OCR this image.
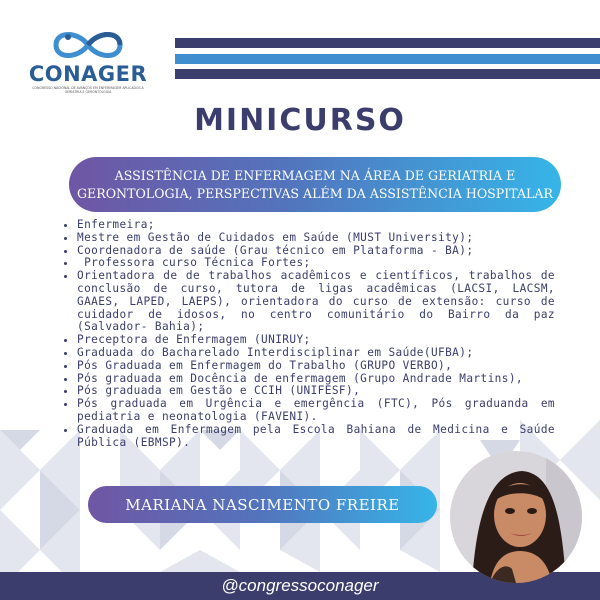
CONAGER
CONGRESSO NACIONAL DE AVANÇOS EM ENFERMAGEM APLICADOS À GERIATRIA E GERONTOLOGIA
MINICURSO
ASSISTÊNCIA DE ENFERMAGEM NA ÁREA DE GERIATRIA E
GERONTOLOGIA, PERSPECTIVAS ALÉM DA ASSISTÊNCIA HOSPITALAR
• Enfermeira;
• Mestre em Gestão de Cuidados em Saúde (MUST University);
• Coordenadora de saúde (Grau técnico em Plataforma - BA);
•  Professora curso Técnica Fortes;
• Orientadora de de trabalhos acadêmicos e científicos, trabalhos de conclusão de curso, tutora de ligas acadêmicas (LACSI, LACSM, GAAES, LAPED, LAEPS), orientadora do curso de extensão: curso de cuidador de idosos, no centro comunitário do Bairro da paz (Salvador- Bahia);
• Preceptora de Enfermagem (UNIRUY;
• Graduada do Bacharelado Interdisciplinar em Saúde(UFBA);
• Pós Graduada em Enfermagem do Trabalho (GRUPO VERBO),
• Pós graduada em Docência de enfermagem (Grupo Andrade Martins),
• Pós graduada em Gestão e CCIH (UNIFESF),
• Pós graduada em Urgência e emergência (FTC), Pós graduanda em pediatria e neonatologia (FAVENI).
• Graduada em Enfermagem pela Escola Bahiana de Medicina e Saúde Pública (EBMSP).
MARIANA NASCIMENTO FREIRE
@congressoconager
